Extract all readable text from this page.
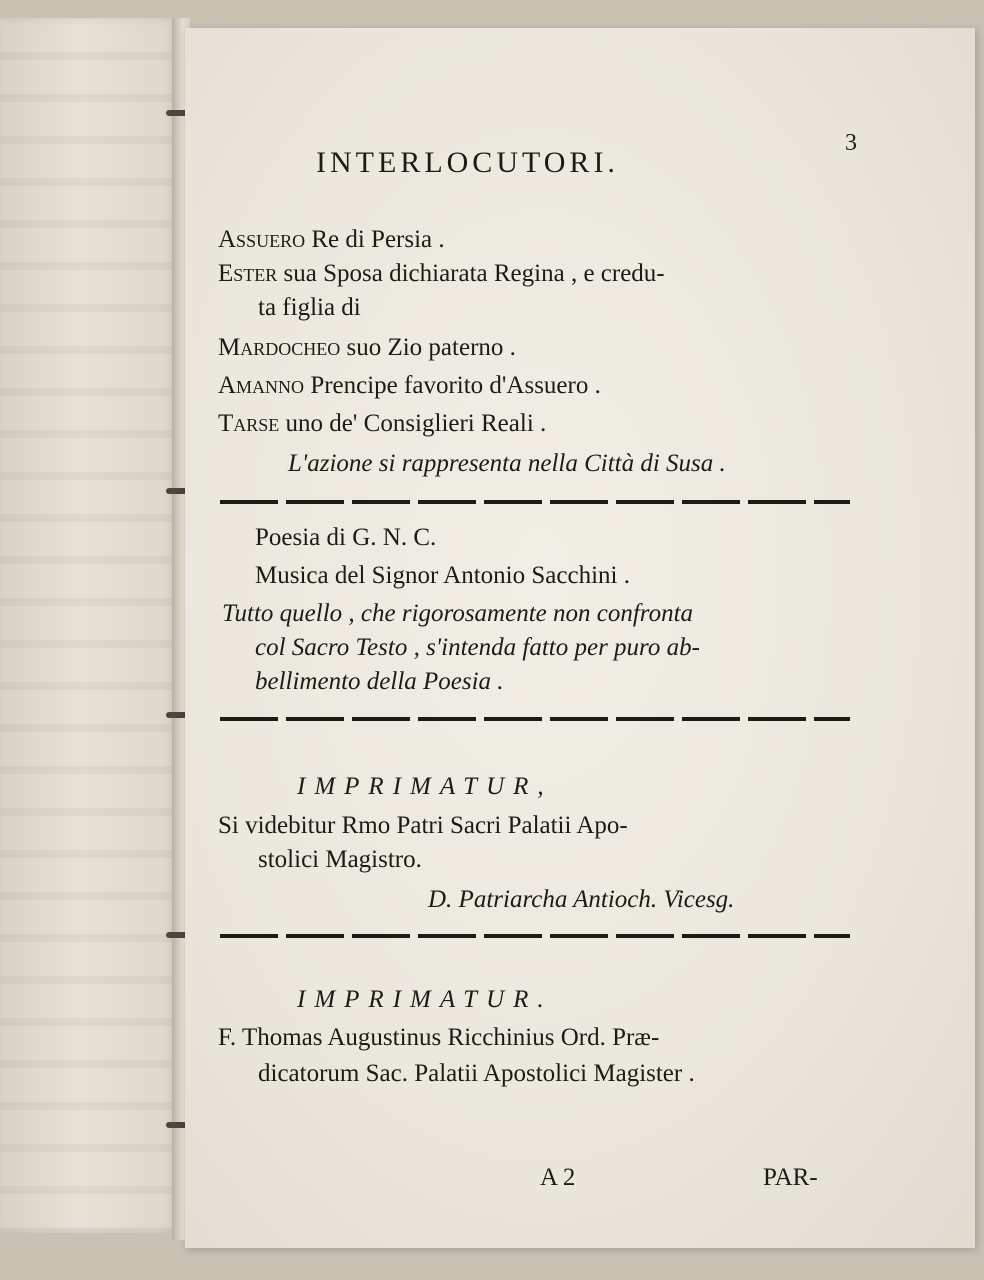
3
INTERLOCUTORI.
Assuero Re di Persia .
Ester sua Sposa dichiarata Regina , e credu-
ta figlia di
Mardocheo suo Zio paterno .
Amanno Prencipe favorito d'Assuero .
Tarse uno de' Consiglieri Reali .
L'azione si rappresenta nella Città di Susa .
Poesia di G. N. C.
Musica del Signor Antonio Sacchini .
Tutto quello , che rigorosamente non confronta
col Sacro Testo , s'intenda fatto per puro ab-
bellimento della Poesia .
IMPRIMATUR,
Si videbitur Rmo Patri Sacri Palatii Apo-
stolici Magistro.
D. Patriarcha Antioch. Vicesg.
IMPRIMATUR.
F. Thomas Augustinus Ricchinius Ord. Præ-
dicatorum Sac. Palatii Apostolici Magister .
A 2	PAR-
